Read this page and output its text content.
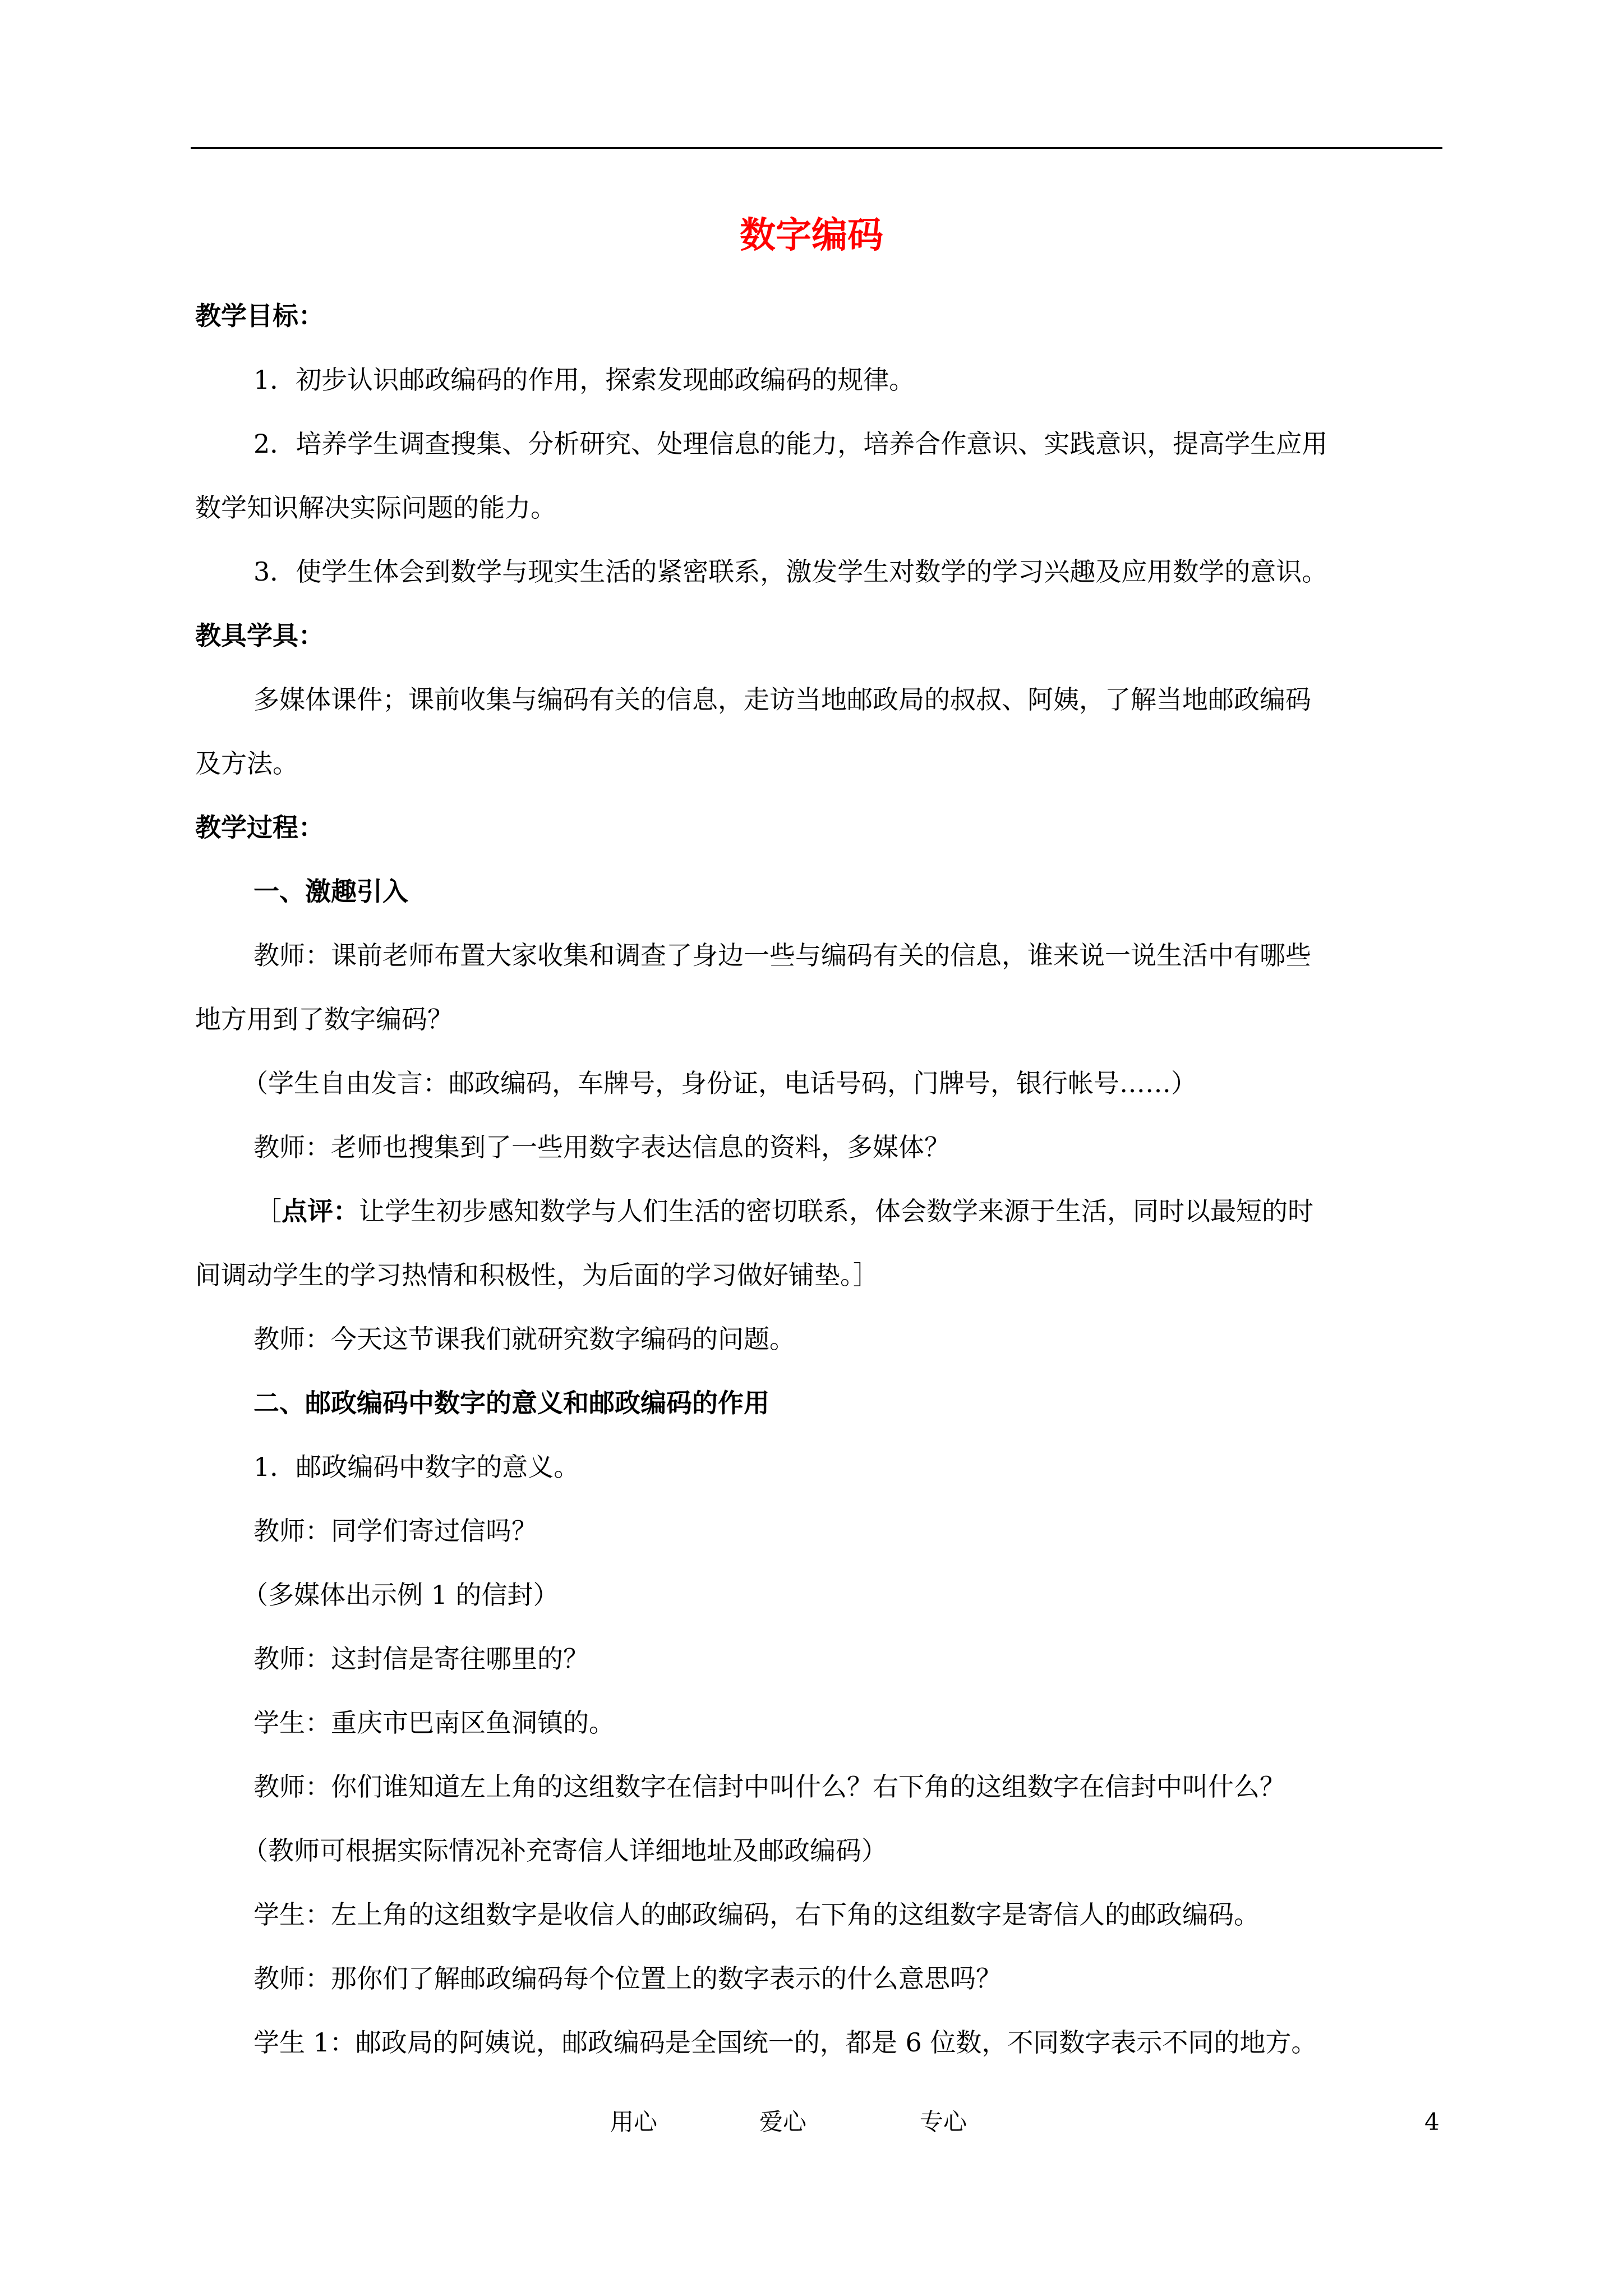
数字编码
教学目标：
1．初步认识邮政编码的作用，探索发现邮政编码的规律。
2．培养学生调查搜集、分析研究、处理信息的能力，培养合作意识、实践意识，提高学生应用
数学知识解决实际问题的能力。
3．使学生体会到数学与现实生活的紧密联系，激发学生对数学的学习兴趣及应用数学的意识。
教具学具：
多媒体课件；课前收集与编码有关的信息，走访当地邮政局的叔叔、阿姨，了解当地邮政编码
及方法。
教学过程：
一、激趣引入
教师：课前老师布置大家收集和调查了身边一些与编码有关的信息，谁来说一说生活中有哪些
地方用到了数字编码？
（学生自由发言：邮政编码，车牌号，身份证，电话号码，门牌号，银行帐号……）
教师：老师也搜集到了一些用数字表达信息的资料，多媒体？
［点评：让学生初步感知数学与人们生活的密切联系，体会数学来源于生活，同时以最短的时
间调动学生的学习热情和积极性，为后面的学习做好铺垫。］
教师：今天这节课我们就研究数字编码的问题。
二、邮政编码中数字的意义和邮政编码的作用
1．邮政编码中数字的意义。
教师：同学们寄过信吗？
（多媒体出示例 1 的信封）
教师：这封信是寄往哪里的？
学生：重庆市巴南区鱼洞镇的。
教师：你们谁知道左上角的这组数字在信封中叫什么？右下角的这组数字在信封中叫什么？
（教师可根据实际情况补充寄信人详细地址及邮政编码）
学生：左上角的这组数字是收信人的邮政编码，右下角的这组数字是寄信人的邮政编码。
教师：那你们了解邮政编码每个位置上的数字表示的什么意思吗？
学生 1：邮政局的阿姨说，邮政编码是全国统一的，都是 6 位数，不同数字表示不同的地方。
用心	爱心	专心	4
